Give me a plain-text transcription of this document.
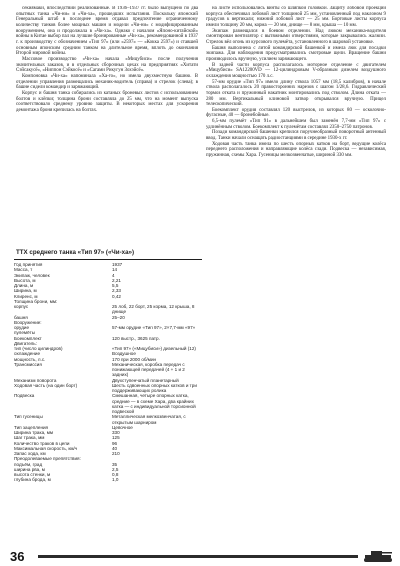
секиямаки, впоследствии реализованные. В 1936–1937 гг. было выпущено по два опытных танка «Чи-ни» и «Чи-ха», прошедших испытания. Поскольку японский Генеральный штаб в последнее время отдавал предпочтение ограниченному количеству танков более мощных машин и модели «Чи-ни» с модифицированным вооружением, она и продолжала в «Чи-ха». Однако с началом «Японо-китайской» войны в Китае выбор пал на лучшие бронированные «Чи-ха», рекомендованной в 1937 г. к производству с обозначением «Тип 97» (или «2597» — «Кокка 2597») и ставшей основным японским средним танком на длительное время, вплоть до окончания Второй мировой войны.

Массовое производство «Чи-ха» начала «Мицубиси» после получения значительных заказов, и в отдельных сборочных цехах на предприятиях «Хитати Сэйсакусё», «Ниппон Сэйкосё» и «Сагами Рикугун Зохэйсё».

Компоновка «Чи-ха» напоминала «Ха-го», но имела двухместную башню. В отделении управления размещались механик-водитель (справа) и стрелок (слева); в башне сидели командир и заряжающий.

Корпус и башня танка собирались из катаных броневых листов с использованием болтов и клёпки; толщина брони составляла до 25 мм, что на момент выпуска соответствовало среднему уровню защиты. В некоторых местах для ускорения демонтажа броня крепилась на болтах.

ТТХ среднего танка «Тип 97» («Чи-ха»)
Год принятия	1937
Масса, т	14
Экипаж, человек	4
Высота, м	2,21
Длина, м	5,5
Ширина, м	2,33
Клиренс, м	0,42
Толщина брони, мм:
корпус	25 лоб, 22 борт, 25 корма, 12 крыша, 8 днище
башня	25–20
Вооружение:
орудие	57-мм орудие «Тип 97», 2×7,7-мм «97»
пулемёты
Боекомплект	120 выстр., 3625 патр.
Двигатель:
тип (число цилиндров)	«Тип 97» («Мицубиси») дизельный (12)
охлаждение	Воздушное
мощность, л.с.	170 при 2000 об/мин
Трансмиссия	Механическая, коробка передач с понижающей передачей (4 + 1 и 2 задних)
Механизм поворота	Двухступенчатый планетарный
Ходовая часть (на один борт)	Шесть сдвоенных опорных катков и три поддерживающих ролика
Подвеска	Смешанная, четыре опорных катка, средние — в схеме Хара, два крайних катка — с индивидуальной торсионной подвеской
Тип гусеницы	Металлическая мелкозвенчатая, с открытым шарниром
Тип зацепления	Цевочное
Ширина трака, мм	330
Шаг трака, мм	125
Количество траков в цепи	96
Максимальная скорость, км/ч	40
Запас хода, км	210
Преодолеваемые препятствия:
подъём, град	35
ширина рва, м	2,5
высота стенки, м	0,8
глубина брода, м	1,0

на листе использовались винты со шляпкой головкой. Защиту лобовой проекции корпуса обеспечивал лобовой лист толщиной 25 мм, установленный под наклоном 9 градусов к вертикали; нижний лобовой лист — 25 мм. Бортовые листы корпуса имели толщину 20 мм, корма — 20 мм, днище — 8 мм, крыша — 10 мм.

Экипаж размещался в боевом отделении. Над люком механика-водителя смонтирован вентилятор с вытяжными отверстиями, которые закрывались жалюзи. Стрелок вёл огонь из курсового пулемёта, установленного в шаровой установке.

Башня выполнена с литой командирской башенкой и имела люк для посадки экипажа. Для наблюдения предусматривались смотровые щели. Вращение башни производилось вручную, усилием заряжающего.

В задней части корпуса располагалось моторное отделение с двигателем «Мицубиси» SA12200VD — 12-цилиндровым V-образным дизелем воздушного охлаждения мощностью 170 л.с.

57-мм орудие «Тип 97» имело длину ствола 1057 мм (18,5 калибров), в начале ствола располагалось 20 правосторонних нарезов с шагом 1/28,6. Гидравлический тормоз отката и пружинный накатник монтировались под стволом. Длина отката — 280 мм. Вертикальный клиновой затвор открывался вручную. Прицел телескопический.

Боекомплект орудия составлял 120 выстрелов, из которых 80 — осколочно-фугасные, 40 — бронебойные.

6,5-мм пулемёт «Тип 91» в дальнейшем был заменён 7,7-мм «Тип 97» с удлинённым стволом. Боекомплект к пулемётам составлял 2350–2750 патронов.

Позади командирской башенки крепился поручнеобразный поворотный антенный ввод. Танки начали оснащать радиостанциями в середине 1930-х гг.

Ходовая часть танка имела по шесть опорных катков на борт, ведущие колёса переднего расположения и направляющие колёса сзади. Подвеска — независимая, пружинная, схемы Хара. Гусеницы мелкозвенчатые, шириной 330 мм.

36
